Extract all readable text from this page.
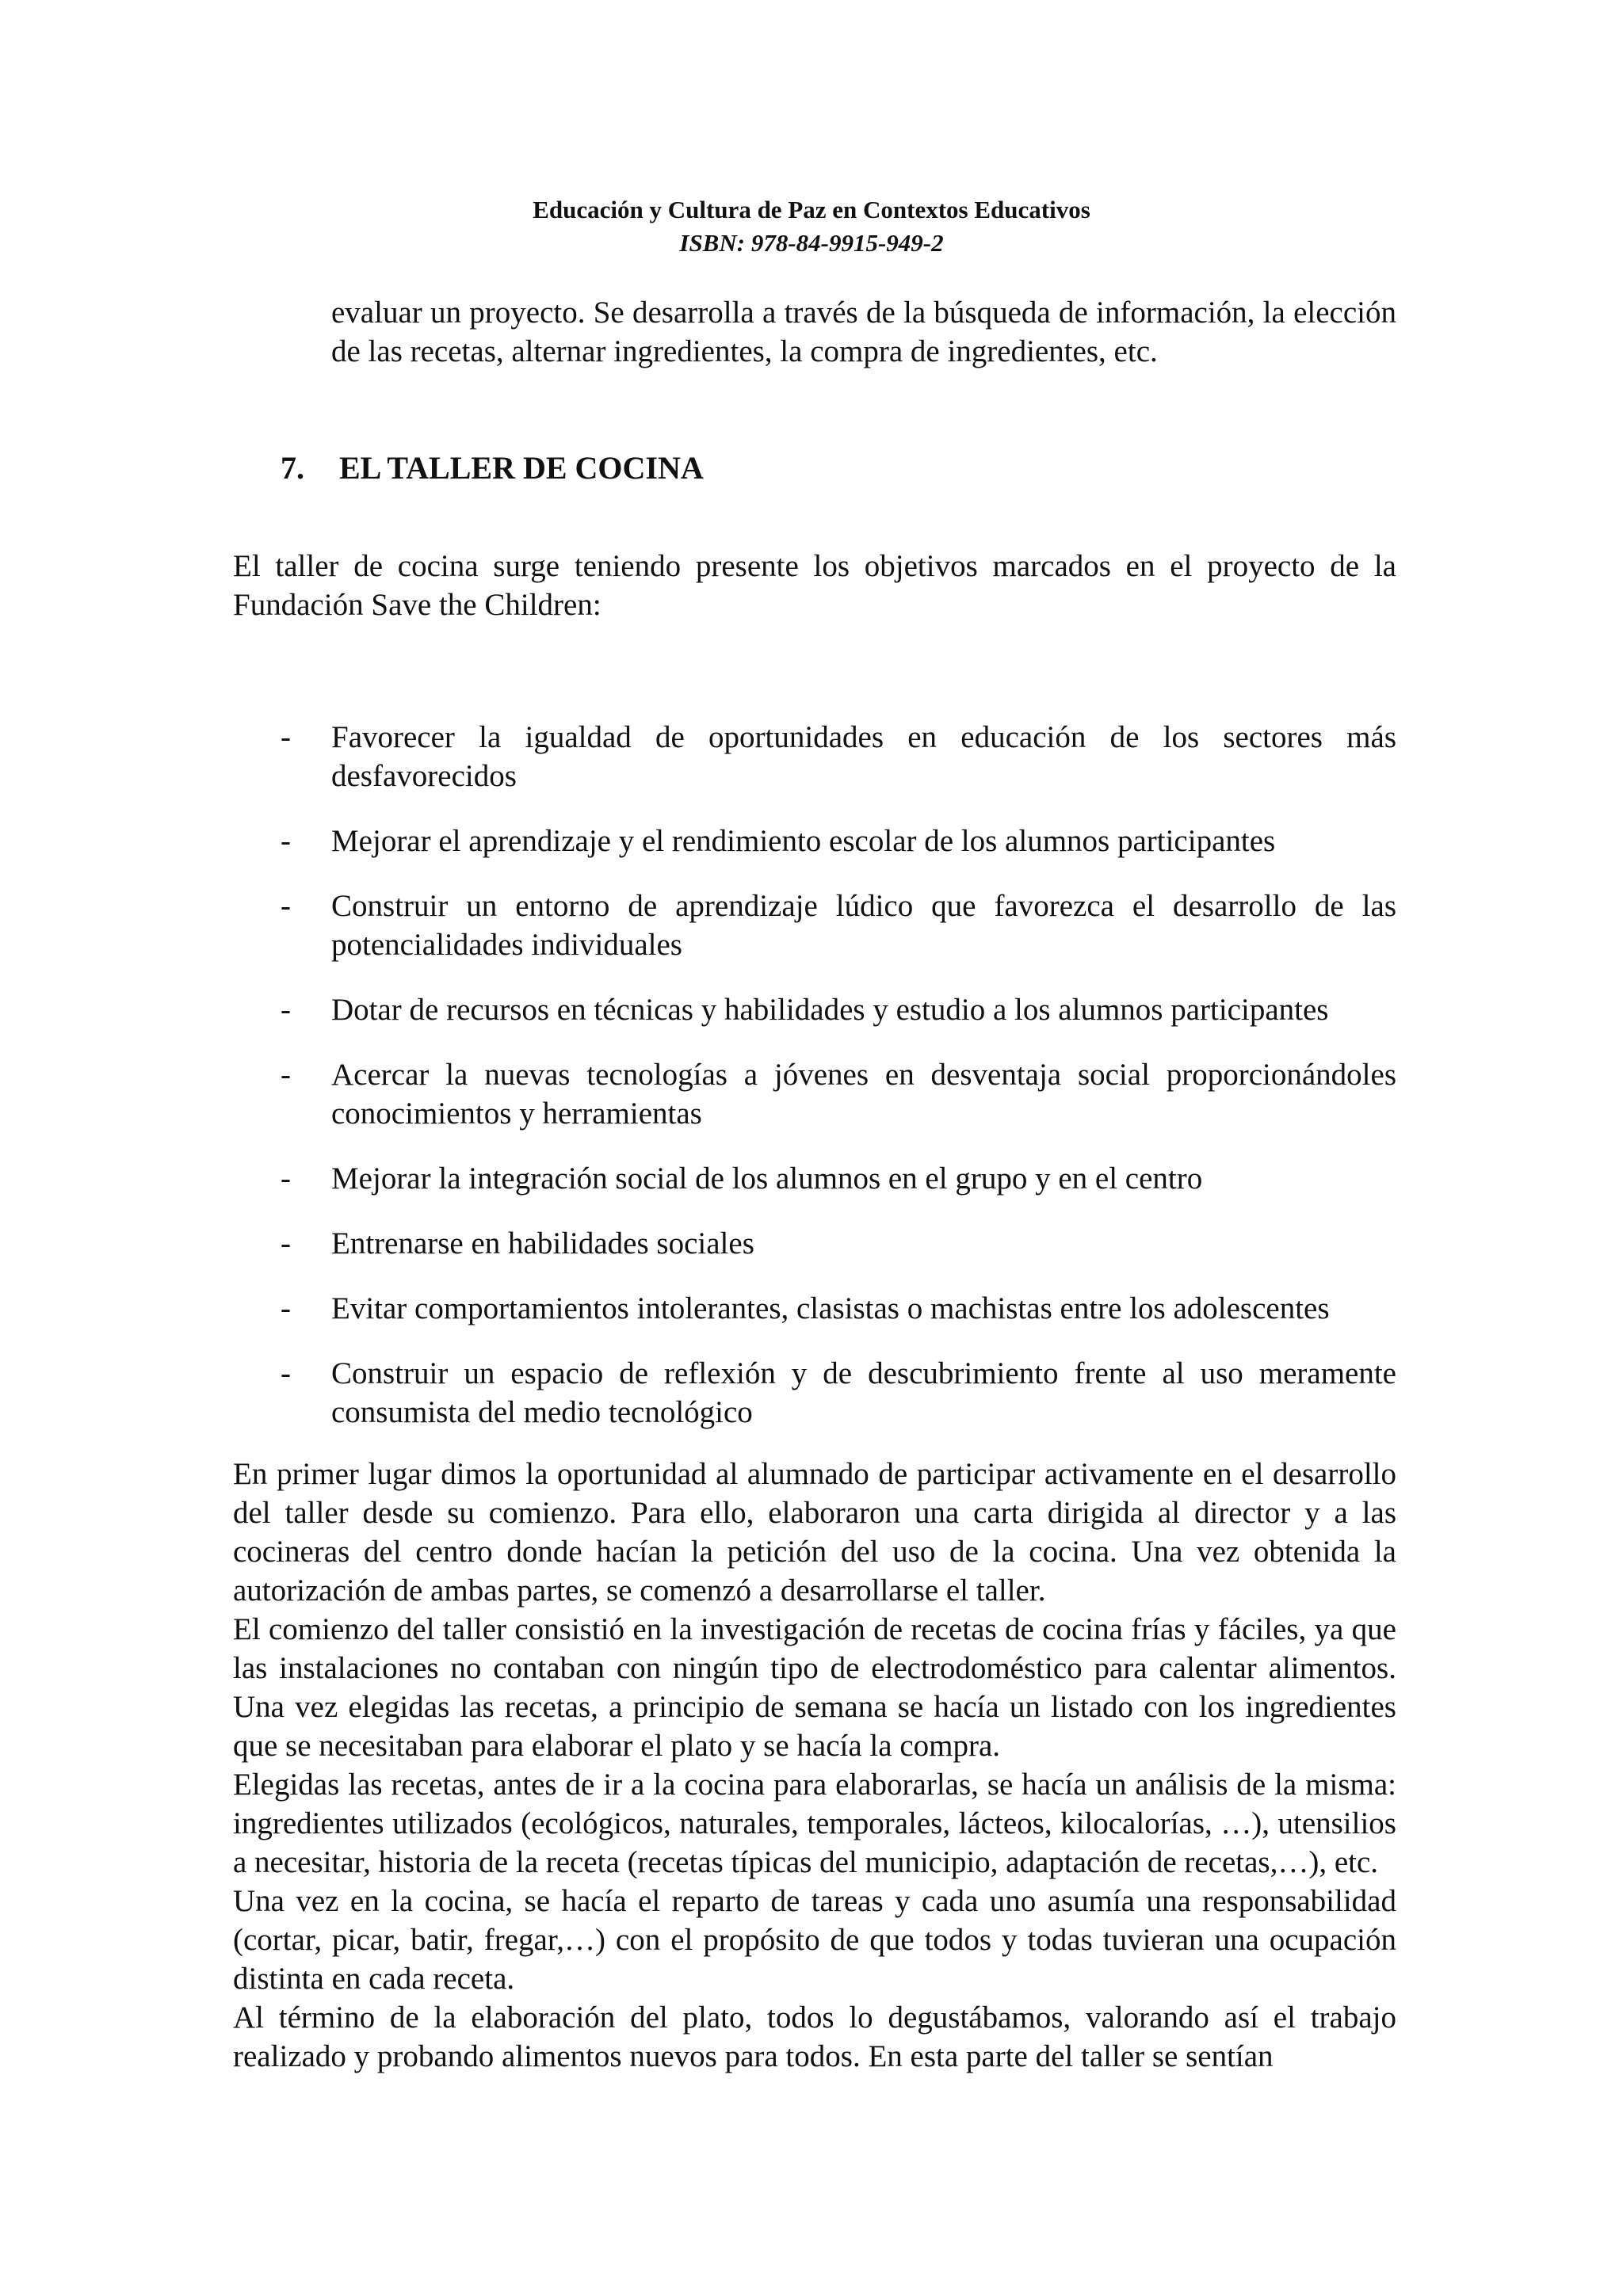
Educación y Cultura de Paz en Contextos Educativos
ISBN: 978-84-9915-949-2
evaluar un proyecto. Se desarrolla a través de la búsqueda de información, la elección de las recetas, alternar ingredientes, la compra de ingredientes, etc.
7. EL TALLER DE COCINA
El taller de cocina surge teniendo presente los objetivos marcados en el proyecto de la Fundación Save the Children:
-	Favorecer la igualdad de oportunidades en educación de los sectores más desfavorecidos
-	Mejorar el aprendizaje y el rendimiento escolar de los alumnos participantes
-	Construir un entorno de aprendizaje lúdico que favorezca el desarrollo de las potencialidades individuales
-	Dotar de recursos en técnicas y habilidades y estudio a los alumnos participantes
-	Acercar la nuevas tecnologías a jóvenes en desventaja social proporcionándoles conocimientos y herramientas
-	Mejorar la integración social de los alumnos en el grupo y en el centro
-	Entrenarse en habilidades sociales
-	Evitar comportamientos intolerantes, clasistas o machistas entre los adolescentes
-	Construir un espacio de reflexión y de descubrimiento frente al uso meramente consumista del medio tecnológico

En primer lugar dimos la oportunidad al alumnado de participar activamente en el desarrollo del taller desde su comienzo. Para ello, elaboraron una carta dirigida al director y a las cocineras del centro donde hacían la petición del uso de la cocina. Una vez obtenida la autorización de ambas partes, se comenzó a desarrollarse el taller.

El comienzo del taller consistió en la investigación de recetas de cocina frías y fáciles, ya que las instalaciones no contaban con ningún tipo de electrodoméstico para calentar alimentos. Una vez elegidas las recetas, a principio de semana se hacía un listado con los ingredientes que se necesitaban para elaborar el plato y se hacía la compra.

Elegidas las recetas, antes de ir a la cocina para elaborarlas, se hacía un análisis de la misma: ingredientes utilizados (ecológicos, naturales, temporales, lácteos, kilocalorías, …), utensilios a necesitar, historia de la receta (recetas típicas del municipio, adaptación de recetas,…), etc.

Una vez en la cocina, se hacía el reparto de tareas y cada uno asumía una responsabilidad (cortar, picar, batir, fregar,…) con el propósito de que todos y todas tuvieran una ocupación distinta en cada receta.

Al término de la elaboración del plato, todos lo degustábamos, valorando así el trabajo realizado y probando alimentos nuevos para todos. En esta parte del taller se sentían
